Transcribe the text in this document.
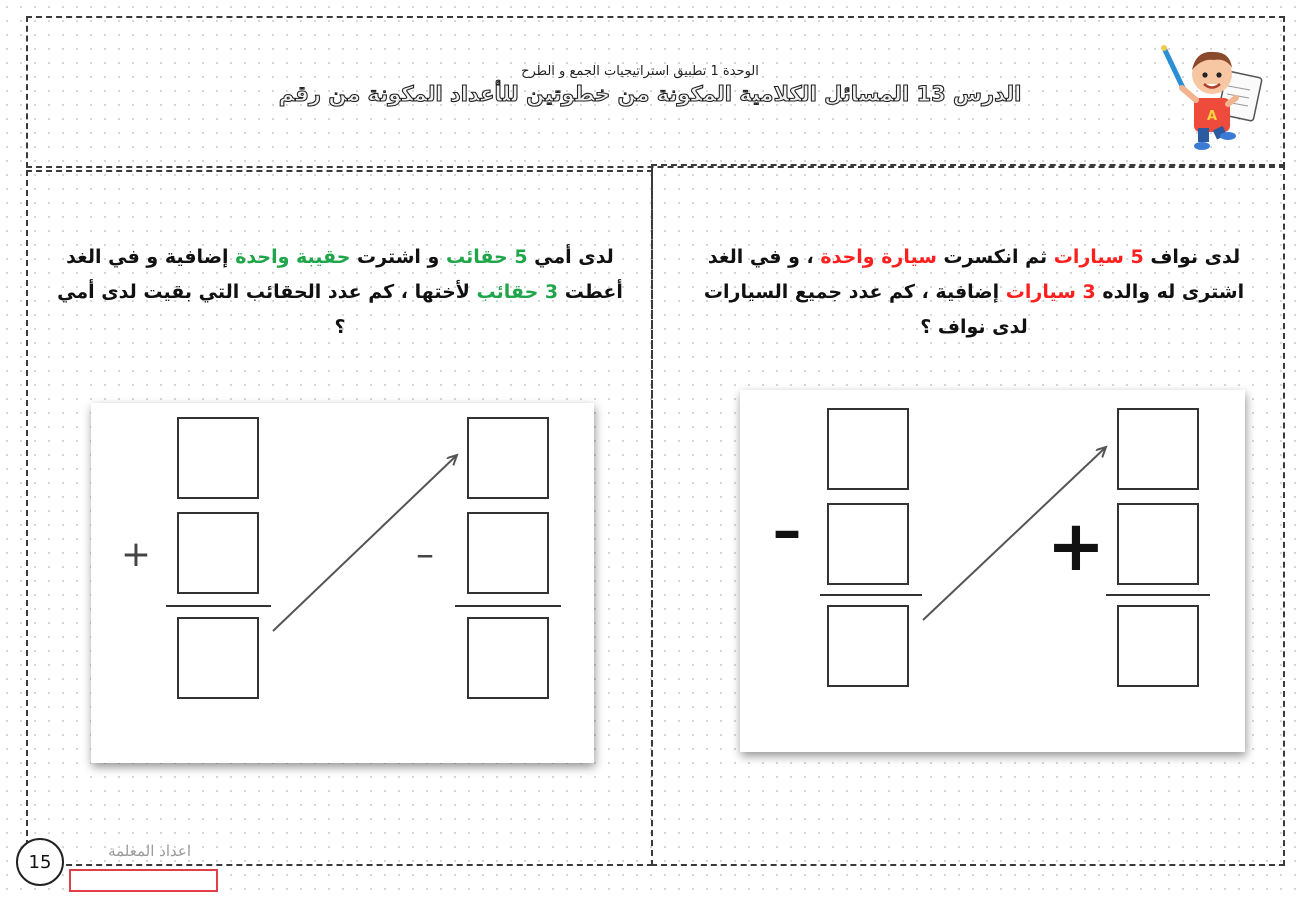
الوحدة 1 تطبيق استراتيجيات الجمع و الطرح
الدرس 13 المسائل الكلامية المكونة من خطوتين للأعداد المكونة من رقم
A
لدى أمي 5 حقائب و اشترت حقيبة واحدة إضافية و في الغد أعطت 3 حقائب لأختها ، كم عدد الحقائب التي بقيت لدى أمي ؟
لدى نواف 5 سيارات ثم انكسرت سيارة واحدة ، و في الغد اشترى له والده 3 سيارات إضافية ، كم عدد جميع السيارات لدى نواف ؟
+	–	–	+
15
اعداد المعلمة
